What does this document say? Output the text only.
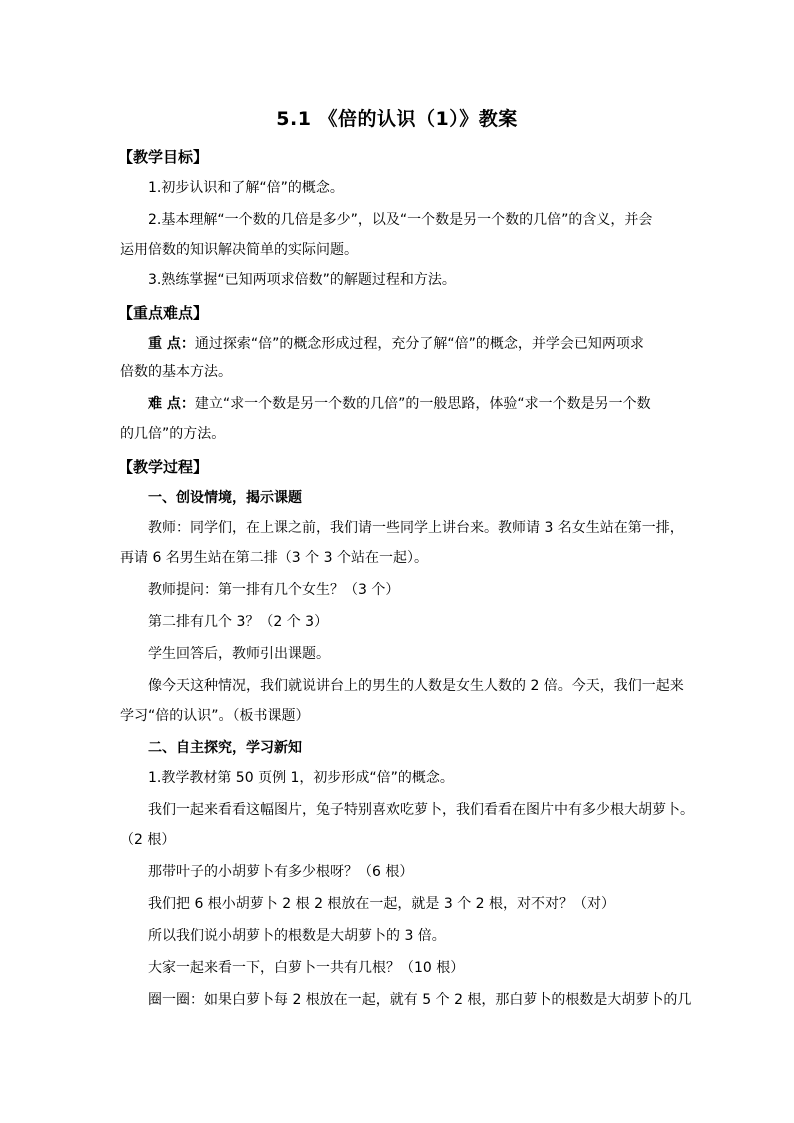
5.1 《倍的认识（1）》教案
【教学目标】
1.初步认识和了解“倍”的概念。
2.基本理解“一个数的几倍是多少”，以及“一个数是另一个数的几倍”的含义，并会
运用倍数的知识解决简单的实际问题。
3.熟练掌握“已知两项求倍数”的解题过程和方法。
【重点难点】
重 点：通过探索“倍”的概念形成过程，充分了解“倍”的概念，并学会已知两项求
倍数的基本方法。
难 点：建立“求一个数是另一个数的几倍”的一般思路，体验“求一个数是另一个数
的几倍”的方法。
【教学过程】
一、创设情境，揭示课题
教师：同学们，在上课之前，我们请一些同学上讲台来。教师请 3 名女生站在第一排，
再请 6 名男生站在第二排（3 个 3 个站在一起）。
教师提问：第一排有几个女生？（3 个）
第二排有几个 3？（2 个 3）
学生回答后，教师引出课题。
像今天这种情况，我们就说讲台上的男生的人数是女生人数的 2 倍。今天，我们一起来
学习“倍的认识”。（板书课题）
二、自主探究，学习新知
1.教学教材第 50 页例 1，初步形成“倍”的概念。
我们一起来看看这幅图片，兔子特别喜欢吃萝卜，我们看看在图片中有多少根大胡萝卜。
（2 根）
那带叶子的小胡萝卜有多少根呀？（6 根）
我们把 6 根小胡萝卜 2 根 2 根放在一起，就是 3 个 2 根，对不对？（对）
所以我们说小胡萝卜的根数是大胡萝卜的 3 倍。
大家一起来看一下，白萝卜一共有几根？（10 根）
圈一圈：如果白萝卜每 2 根放在一起，就有 5 个 2 根，那白萝卜的根数是大胡萝卜的几
